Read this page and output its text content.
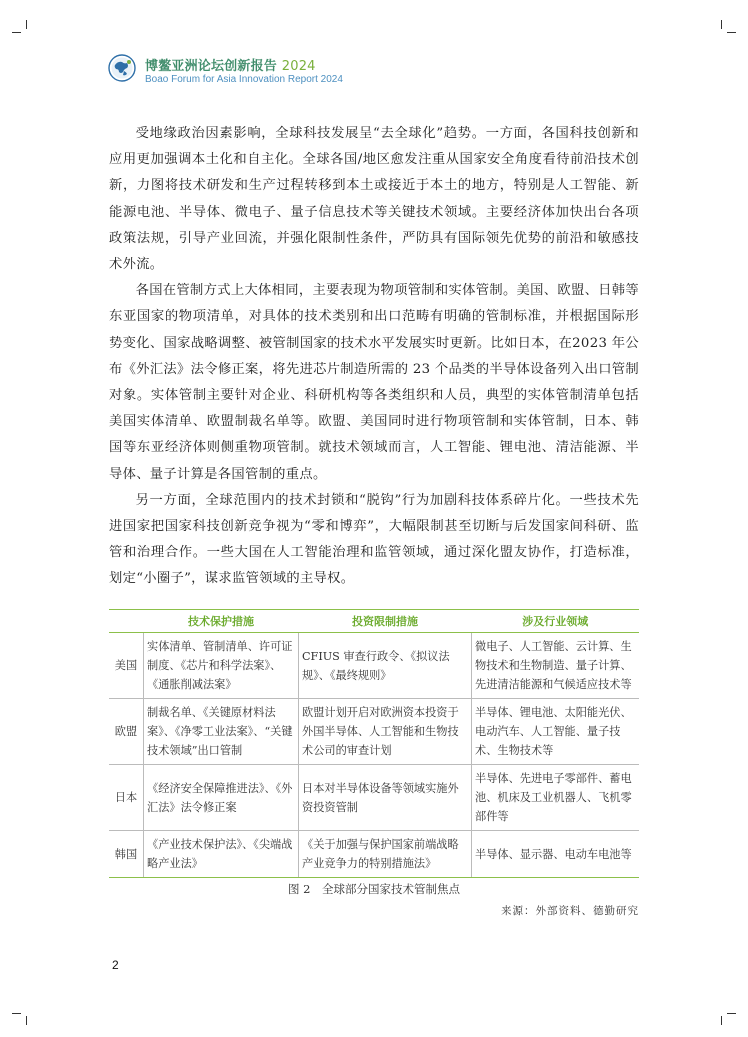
博鳌亚洲论坛创新报告 2024
Boao Forum for Asia Innovation Report 2024

受地缘政治因素影响，全球科技发展呈“去全球化”趋势。一方面，各国科技创新和应用更加强调本土化和自主化。全球各国/地区愈发注重从国家安全角度看待前沿技术创新，力图将技术研发和生产过程转移到本土或接近于本土的地方，特别是人工智能、新能源电池、半导体、微电子、量子信息技术等关键技术领域。主要经济体加快出台各项政策法规，引导产业回流，并强化限制性条件，严防具有国际领先优势的前沿和敏感技术外流。

各国在管制方式上大体相同，主要表现为物项管制和实体管制。美国、欧盟、日韩等东亚国家的物项清单，对具体的技术类别和出口范畴有明确的管制标准，并根据国际形势变化、国家战略调整、被管制国家的技术水平发展实时更新。比如日本，在2023 年公布《外汇法》法令修正案，将先进芯片制造所需的 23 个品类的半导体设备列入出口管制对象。实体管制主要针对企业、科研机构等各类组织和人员，典型的实体管制清单包括美国实体清单、欧盟制裁名单等。欧盟、美国同时进行物项管制和实体管制，日本、韩国等东亚经济体则侧重物项管制。就技术领域而言，人工智能、锂电池、清洁能源、半导体、量子计算是各国管制的重点。

另一方面，全球范围内的技术封锁和“脱钩”行为加剧科技体系碎片化。一些技术先进国家把国家科技创新竞争视为“零和博弈”，大幅限制甚至切断与后发国家间科研、监管和治理合作。一些大国在人工智能治理和监管领域，通过深化盟友协作，打造标准，划定“小圈子”，谋求监管领域的主导权。

	技术保护措施	投资限制措施	涉及行业领域
美国	实体清单、管制清单、许可证制度、《芯片和科学法案》、《通胀削减法案》	CFIUS 审查行政令、《拟议法规》、《最终规则》	微电子、人工智能、云计算、生物技术和生物制造、量子计算、先进清洁能源和气候适应技术等
欧盟	制裁名单、《关键原材料法案》、《净零工业法案》、“关键技术领域”出口管制	欧盟计划开启对欧洲资本投资于外国半导体、人工智能和生物技术公司的审查计划	半导体、锂电池、太阳能光伏、电动汽车、人工智能、量子技术、生物技术等
日本	《经济安全保障推进法》、《外汇法》法令修正案	日本对半导体设备等领域实施外资投资管制	半导体、先进电子零部件、蓄电池、机床及工业机器人、飞机零部件等
韩国	《产业技术保护法》、《尖端战略产业法》	《关于加强与保护国家前端战略产业竞争力的特别措施法》	半导体、显示器、电动车电池等
图 2　全球部分国家技术管制焦点
来源：外部资料、德勤研究
2
